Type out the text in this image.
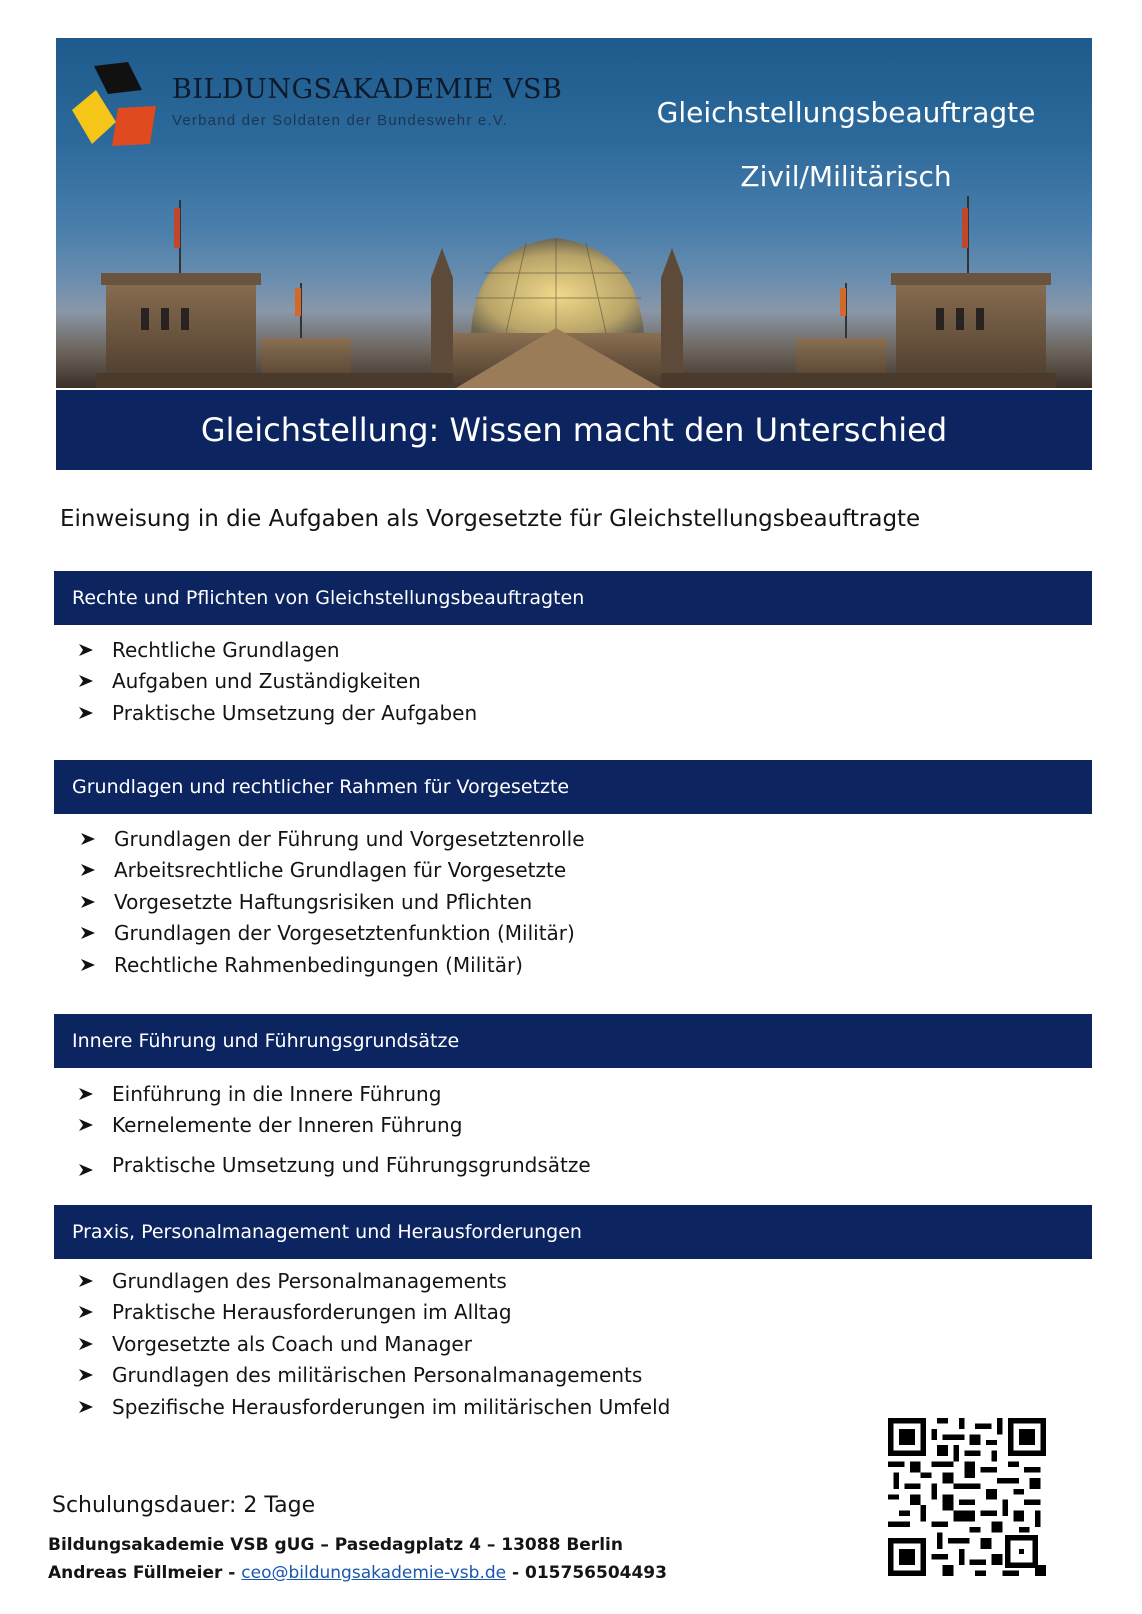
BILDUNGSAKADEMIE VSB
Verband der Soldaten der Bundeswehr e.V.	Gleichstellungsbeauftragte
Zivil/Militärisch
Gleichstellung: Wissen macht den Unterschied
Einweisung in die Aufgaben als Vorgesetzte für Gleichstellungsbeauftragte
Rechte und Pflichten von Gleichstellungsbeauftragten
Rechtliche Grundlagen
Aufgaben und Zuständigkeiten
Praktische Umsetzung der Aufgaben
Grundlagen und rechtlicher Rahmen für Vorgesetzte
Grundlagen der Führung und Vorgesetztenrolle
Arbeitsrechtliche Grundlagen für Vorgesetzte
Vorgesetzte Haftungsrisiken und Pflichten
Grundlagen der Vorgesetztenfunktion (Militär)
Rechtliche Rahmenbedingungen (Militär)
Innere Führung und Führungsgrundsätze
Einführung in die Innere Führung
Kernelemente der Inneren Führung
Praktische Umsetzung und Führungsgrundsätze
Praxis, Personalmanagement und Herausforderungen
Grundlagen des Personalmanagements
Praktische Herausforderungen im Alltag
Vorgesetzte als Coach und Manager
Grundlagen des militärischen Personalmanagements
Spezifische Herausforderungen im militärischen Umfeld
Schulungsdauer: 2 Tage
Bildungsakademie VSB gUG – Pasedagplatz 4 – 13088 Berlin
Andreas Füllmeier - ceo@bildungsakademie-vsb.de - 015756504493
